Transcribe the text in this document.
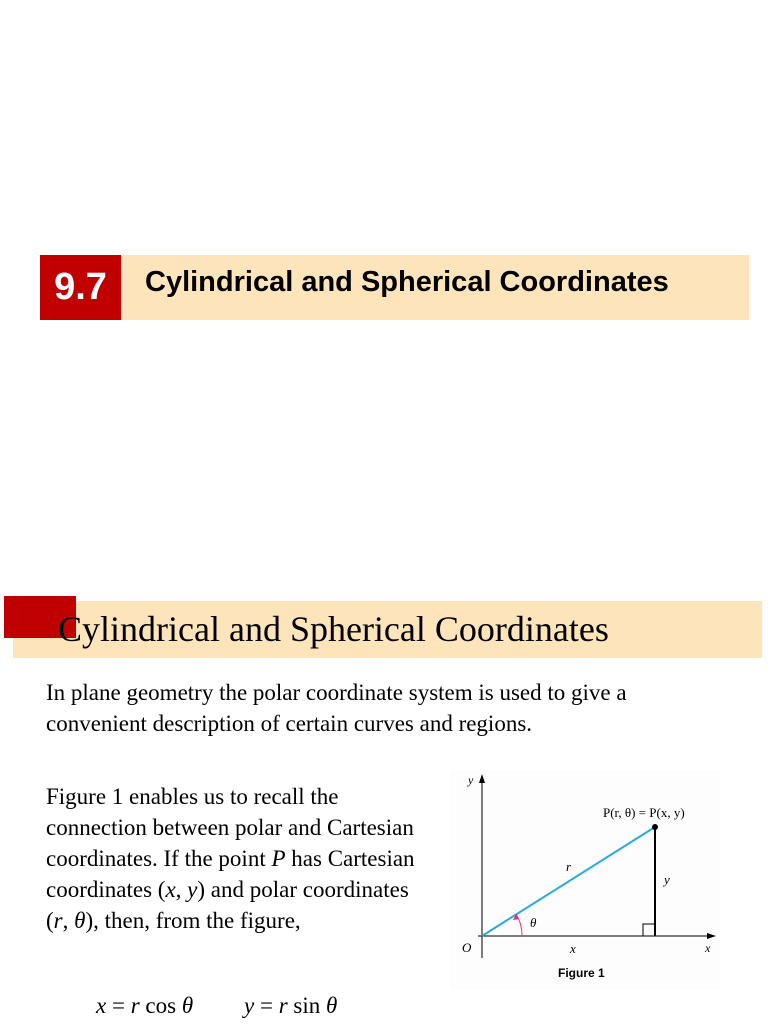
9.7	Cylindrical and Spherical Coordinates
Cylindrical and Spherical Coordinates
In plane geometry the polar coordinate system is used to give a convenient description of certain curves and regions.
Figure 1 enables us to recall the connection between polar and Cartesian coordinates. If the point P has Cartesian coordinates (x, y) and polar coordinates (r, θ), then, from the figure,
x = r cos θ y = r sin θ
y
x
O
P(r, θ) = P(x, y)
r
θ
x
y
Figure 1
